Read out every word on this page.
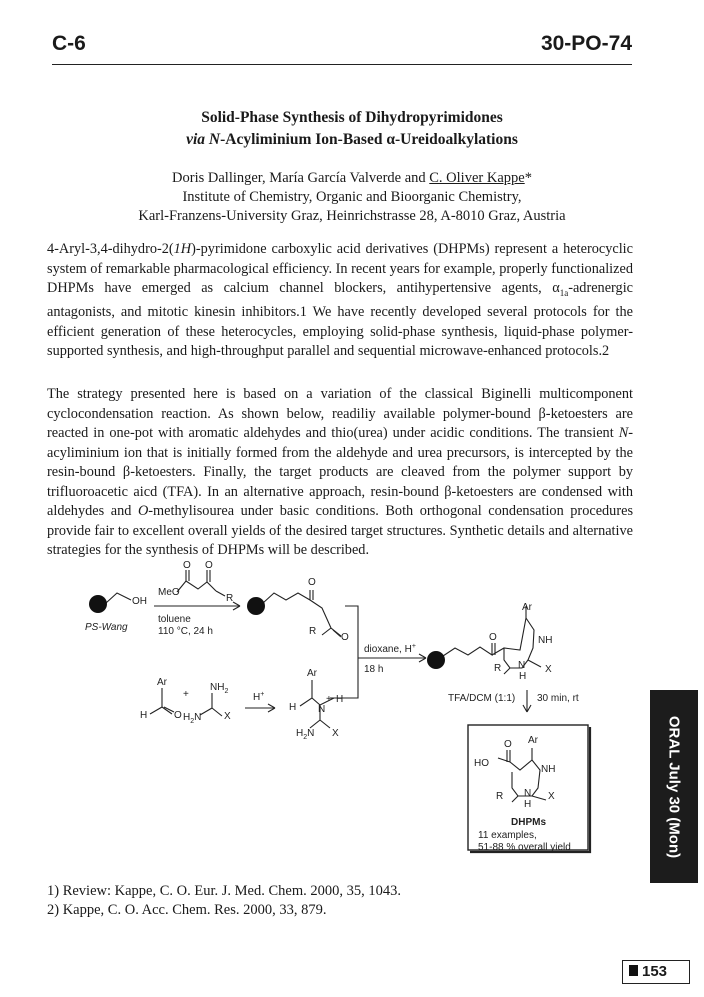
C-6	30-PO-74
Solid-Phase Synthesis of Dihydropyrimidones
via N-Acyliminium Ion-Based α-Ureidoalkylations
Doris Dallinger, María García Valverde and C. Oliver Kappe*
Institute of Chemistry, Organic and Bioorganic Chemistry,
Karl-Franzens-University Graz, Heinrichstrasse 28, A-8010 Graz, Austria
4-Aryl-3,4-dihydro-2(1H)-pyrimidone carboxylic acid derivatives (DHPMs) represent a heterocyclic system of remarkable pharmacological efficiency. In recent years for example, properly functionalized DHPMs have emerged as calcium channel blockers, antihypertensive agents, $\alpha_{1a}$-adrenergic antagonists, and mitotic kinesin inhibitors.1 We have recently developed several protocols for the efficient generation of these heterocycles, employing solid-phase synthesis, liquid-phase polymer-supported synthesis, and high-throughput parallel and sequential microwave-enhanced protocols.2
The strategy presented here is based on a variation of the classical Biginelli multicomponent cyclocondensation reaction. As shown below, readiliy available polymer-bound β-ketoesters are reacted in one-pot with aromatic aldehydes and thio(urea) under acidic conditions. The transient N-acyliminium ion that is initially formed from the aldehyde and urea precursors, is intercepted by the resin-bound β-ketoesters. Finally, the target products are cleaved from the polymer support by trifluoroacetic aicd (TFA). In an alternative approach, resin-bound β-ketoesters are condensed with aldehydes and O-methylisourea under basic conditions. Both orthogonal condensation procedures provide fair to excellent overall yields of the desired target structures. Synthetic details and alternative strategies for the synthesis of DHPMs will be described.
OH
PS-Wang
MeO
O O
R
toluene
110 °C, 24 h
O
R
O
dioxane, H+
18 h
Ar
H	O
+
$NH_2$
$H_2N$ X
H+
Ar
H N
+ H
$H_2N$ X
O
Ar
NH
R N
H
X
TFA/DCM (1:1) 30 min, rt
O Ar
HO
NH
R N
H
X
DHPMs
11 examples,
51-88 % overall yield
1) Review: Kappe, C. O. Eur. J. Med. Chem. 2000, 35, 1043.
2) Kappe, C. O. Acc. Chem. Res. 2000, 33, 879.
ORAL July 30 (Mon)
153
